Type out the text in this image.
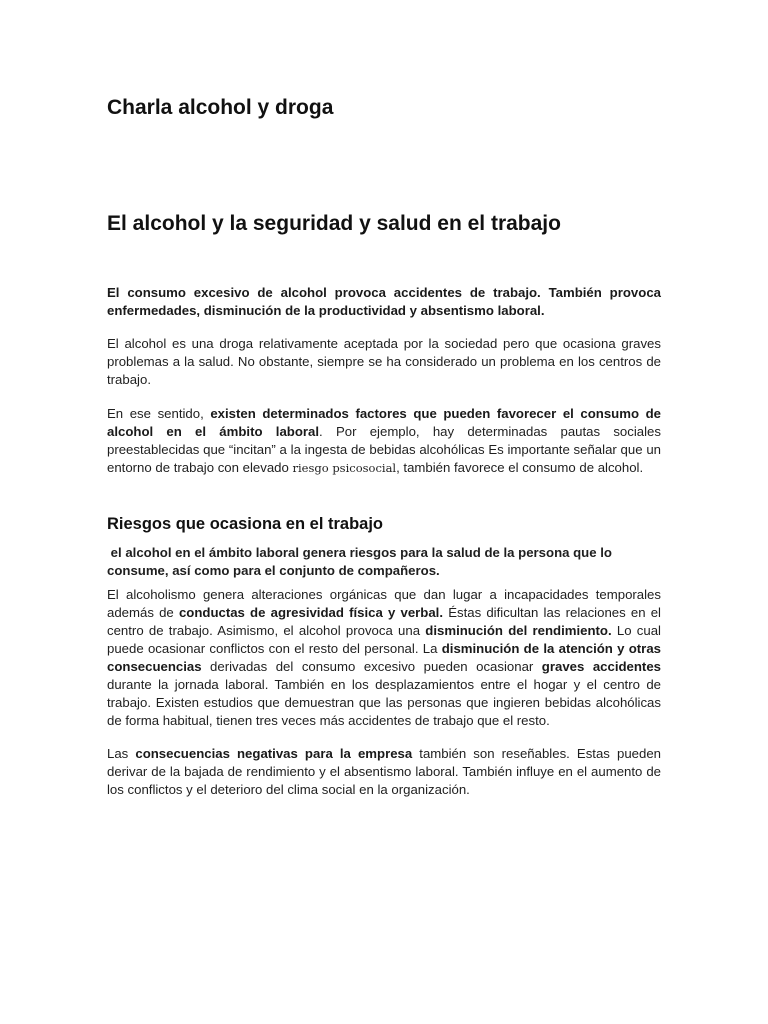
Charla alcohol y droga
El alcohol y la seguridad y salud en el trabajo

El consumo excesivo de alcohol provoca accidentes de trabajo. También provoca enfermedades, disminución de la productividad y absentismo laboral.

El alcohol es una droga relativamente aceptada por la sociedad pero que ocasiona graves problemas a la salud. No obstante, siempre se ha considerado un problema en los centros de trabajo.

En ese sentido, existen determinados factores que pueden favorecer el consumo de alcohol en el ámbito laboral. Por ejemplo, hay determinadas pautas sociales preestablecidas que “incitan” a la ingesta de bebidas alcohólicas Es importante señalar que un entorno de trabajo con elevado riesgo psicosocial, también favorece el consumo de alcohol.

Riesgos que ocasiona en el trabajo

el alcohol en el ámbito laboral genera riesgos para la salud de la persona que lo consume, así como para el conjunto de compañeros.

El alcoholismo genera alteraciones orgánicas que dan lugar a incapacidades temporales además de conductas de agresividad física y verbal. Éstas dificultan las relaciones en el centro de trabajo. Asimismo, el alcohol provoca una disminución del rendimiento. Lo cual puede ocasionar conflictos con el resto del personal. La disminución de la atención y otras consecuencias derivadas del consumo excesivo pueden ocasionar graves accidentes durante la jornada laboral. También en los desplazamientos entre el hogar y el centro de trabajo. Existen estudios que demuestran que las personas que ingieren bebidas alcohólicas de forma habitual, tienen tres veces más accidentes de trabajo que el resto.

Las consecuencias negativas para la empresa también son reseñables. Estas pueden derivar de la bajada de rendimiento y el absentismo laboral. También influye en el aumento de los conflictos y el deterioro del clima social en la organización.
